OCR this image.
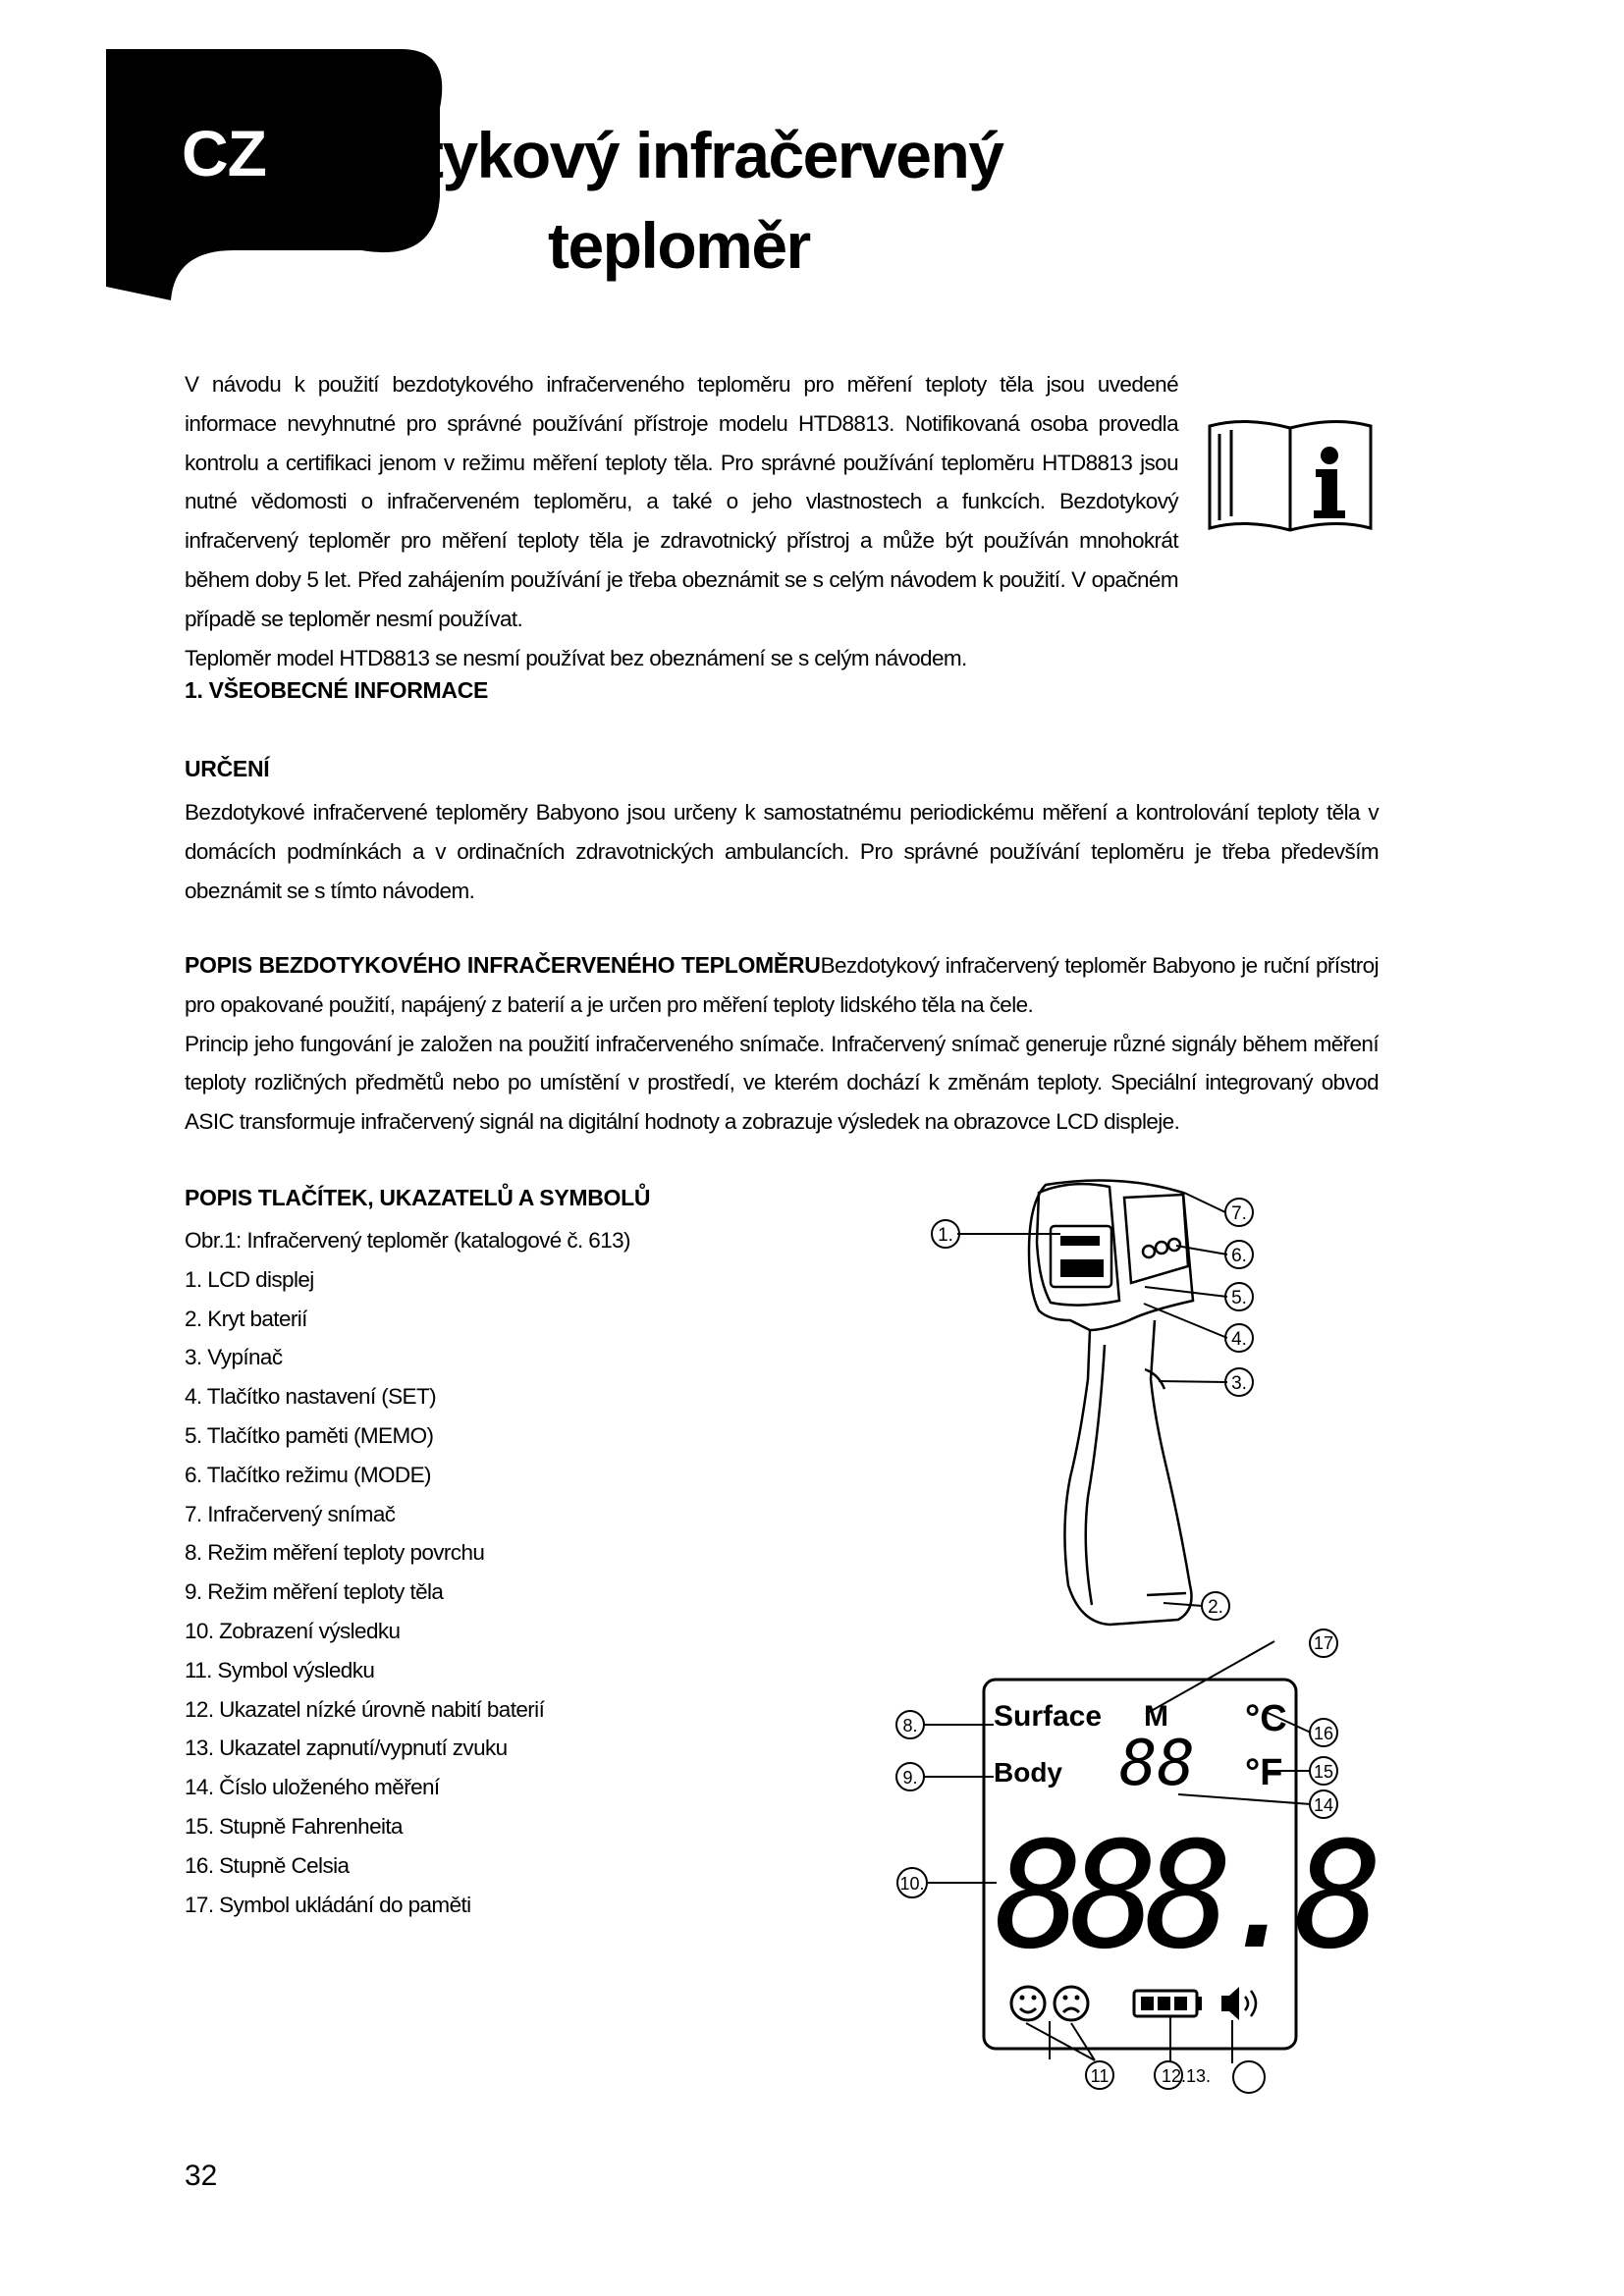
CZ tykový infračervený
teploměr
V návodu k použití bezdotykového infračerveného teploměru pro měření teploty těla jsou uvedené informace nevyhnutné pro správné používání přístroje modelu HTD8813. Notifikovaná osoba provedla kontrolu a certifikaci jenom v režimu měření teploty těla. Pro správné používání teploměru HTD8813 jsou nutné vědomosti o infračerveném teploměru, a také o jeho vlastnostech a funkcích. Bezdotykový infračervený teploměr pro měření teploty těla je zdravotnický přístroj a může být používán mnohokrát během doby 5 let. Před zahájením používání je třeba obeznámit se s celým návodem k použití. V opačném případě se teploměr nesmí používat.
Teploměr model HTD8813 se nesmí používat bez obeznámení se s celým návodem.
1. VŠEOBECNÉ INFORMACE
URČENÍ
Bezdotykové infračervené teploměry Babyono jsou určeny k samostatnému periodickému měření a kontrolování teploty těla v domácích podmínkách a v ordinačních zdravotnických ambulancích. Pro správné používání teploměru je třeba především obeznámit se s tímto návodem.
POPIS BEZDOTYKOVÉHO INFRAČERVENÉHO TEPLOMĚRUBezdotykový infračervený teploměr Babyono je ruční přístroj pro opakované použití, napájený z baterií a je určen pro měření teploty lidského těla na čele.
Princip jeho fungování je založen na použití infračerveného snímače. Infračervený snímač generuje různé signály během měření teploty rozličných předmětů nebo po umístění v prostředí, ve kterém dochází k změnám teploty. Speciální integrovaný obvod ASIC transformuje infračervený signál na digitální hodnoty a zobrazuje výsledek na obrazovce LCD displeje.
POPIS TLAČÍTEK, UKAZATELŮ A SYMBOLŮ
Obr.1: Infračervený teploměr (katalogové č. 613)
1. LCD displej
2. Kryt baterií
3. Vypínač
4. Tlačítko nastavení (SET)
5. Tlačítko paměti (MEMO)
6. Tlačítko režimu (MODE)
7. Infračervený snímač
8. Režim měření teploty povrchu
9. Režim měření teploty těla
10. Zobrazení výsledku
11. Symbol výsledku
12. Ukazatel nízké úrovně nabití baterií
13. Ukazatel zapnutí/vypnutí zvuku
14. Číslo uloženého měření
15. Stupně Fahrenheita
16. Stupně Celsia
17. Symbol ukládání do paměti
1.
7.
6.
5.
4.
3.
2.
Surface M °C
Body	°F
88
888.8
17
8.	16
9.	15
14
10.
11	12.13.
32
